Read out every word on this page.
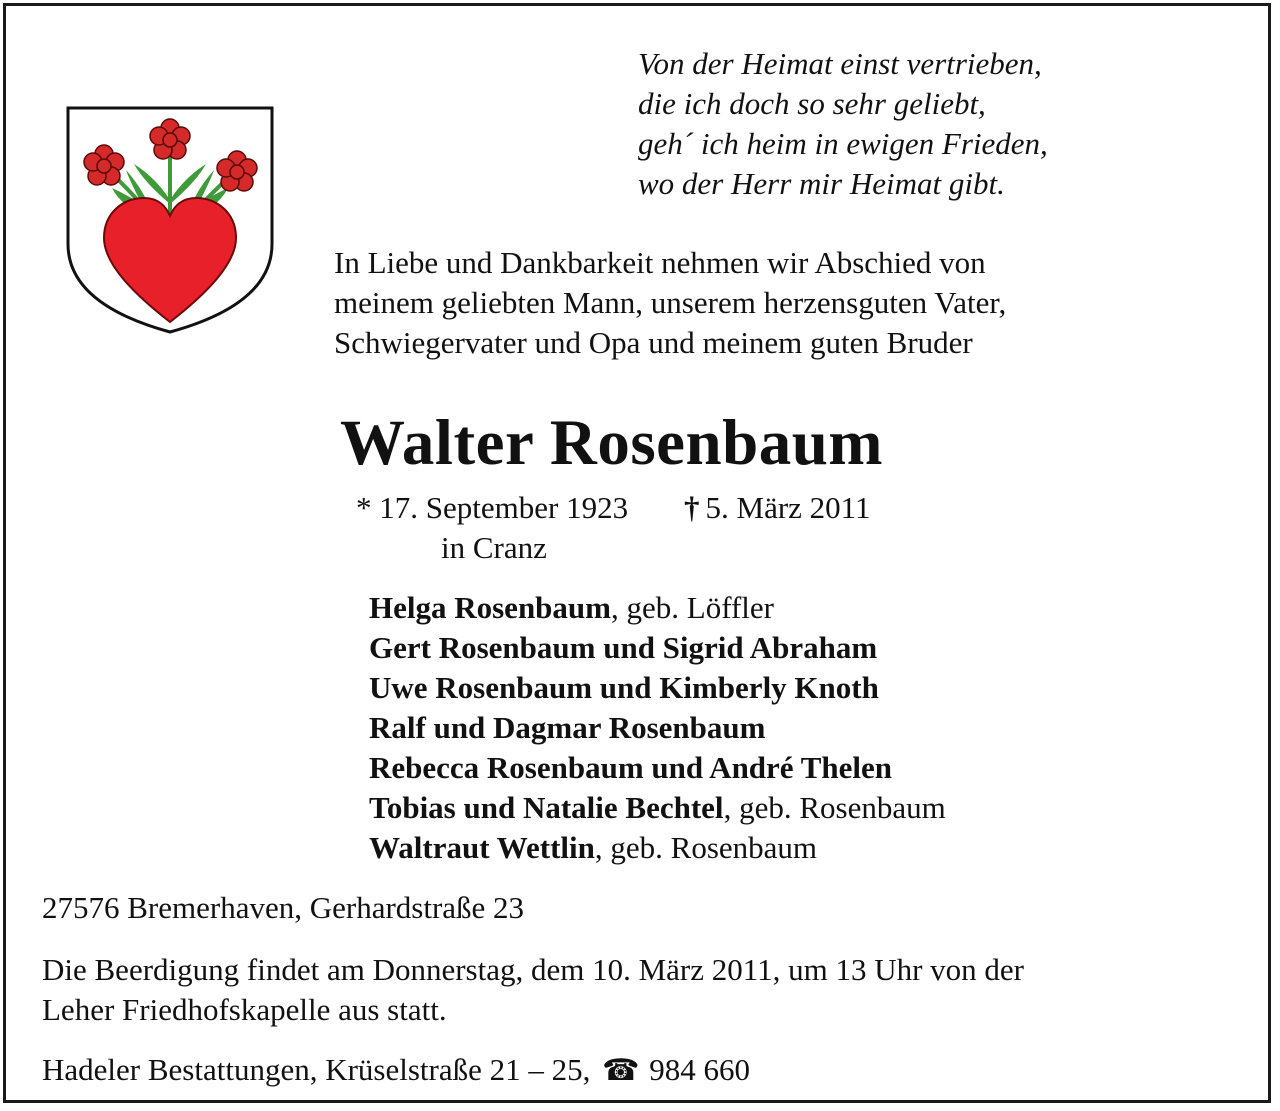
Von der Heimat einst vertrieben,
die ich doch so sehr geliebt,
geh´ ich heim in ewigen Frieden,
wo der Herr mir Heimat gibt.
In Liebe und Dankbarkeit nehmen wir Abschied von
meinem geliebten Mann, unserem herzensguten Vater,
Schwiegervater und Opa und meinem guten Bruder
Walter Rosenbaum
* 17. September 1923 † 5. März 2011
in Cranz
Helga Rosenbaum, geb. Löffler
Gert Rosenbaum und Sigrid Abraham
Uwe Rosenbaum und Kimberly Knoth
Ralf und Dagmar Rosenbaum
Rebecca Rosenbaum und André Thelen
Tobias und Natalie Bechtel, geb. Rosenbaum
Waltraut Wettlin, geb. Rosenbaum
27576 Bremerhaven, Gerhardstraße 23
Die Beerdigung findet am Donnerstag, dem 10. März 2011, um 13 Uhr von der
Leher Friedhofskapelle aus statt.
Hadeler Bestattungen, Krüselstraße 21 – 25, ☎ 984 660
